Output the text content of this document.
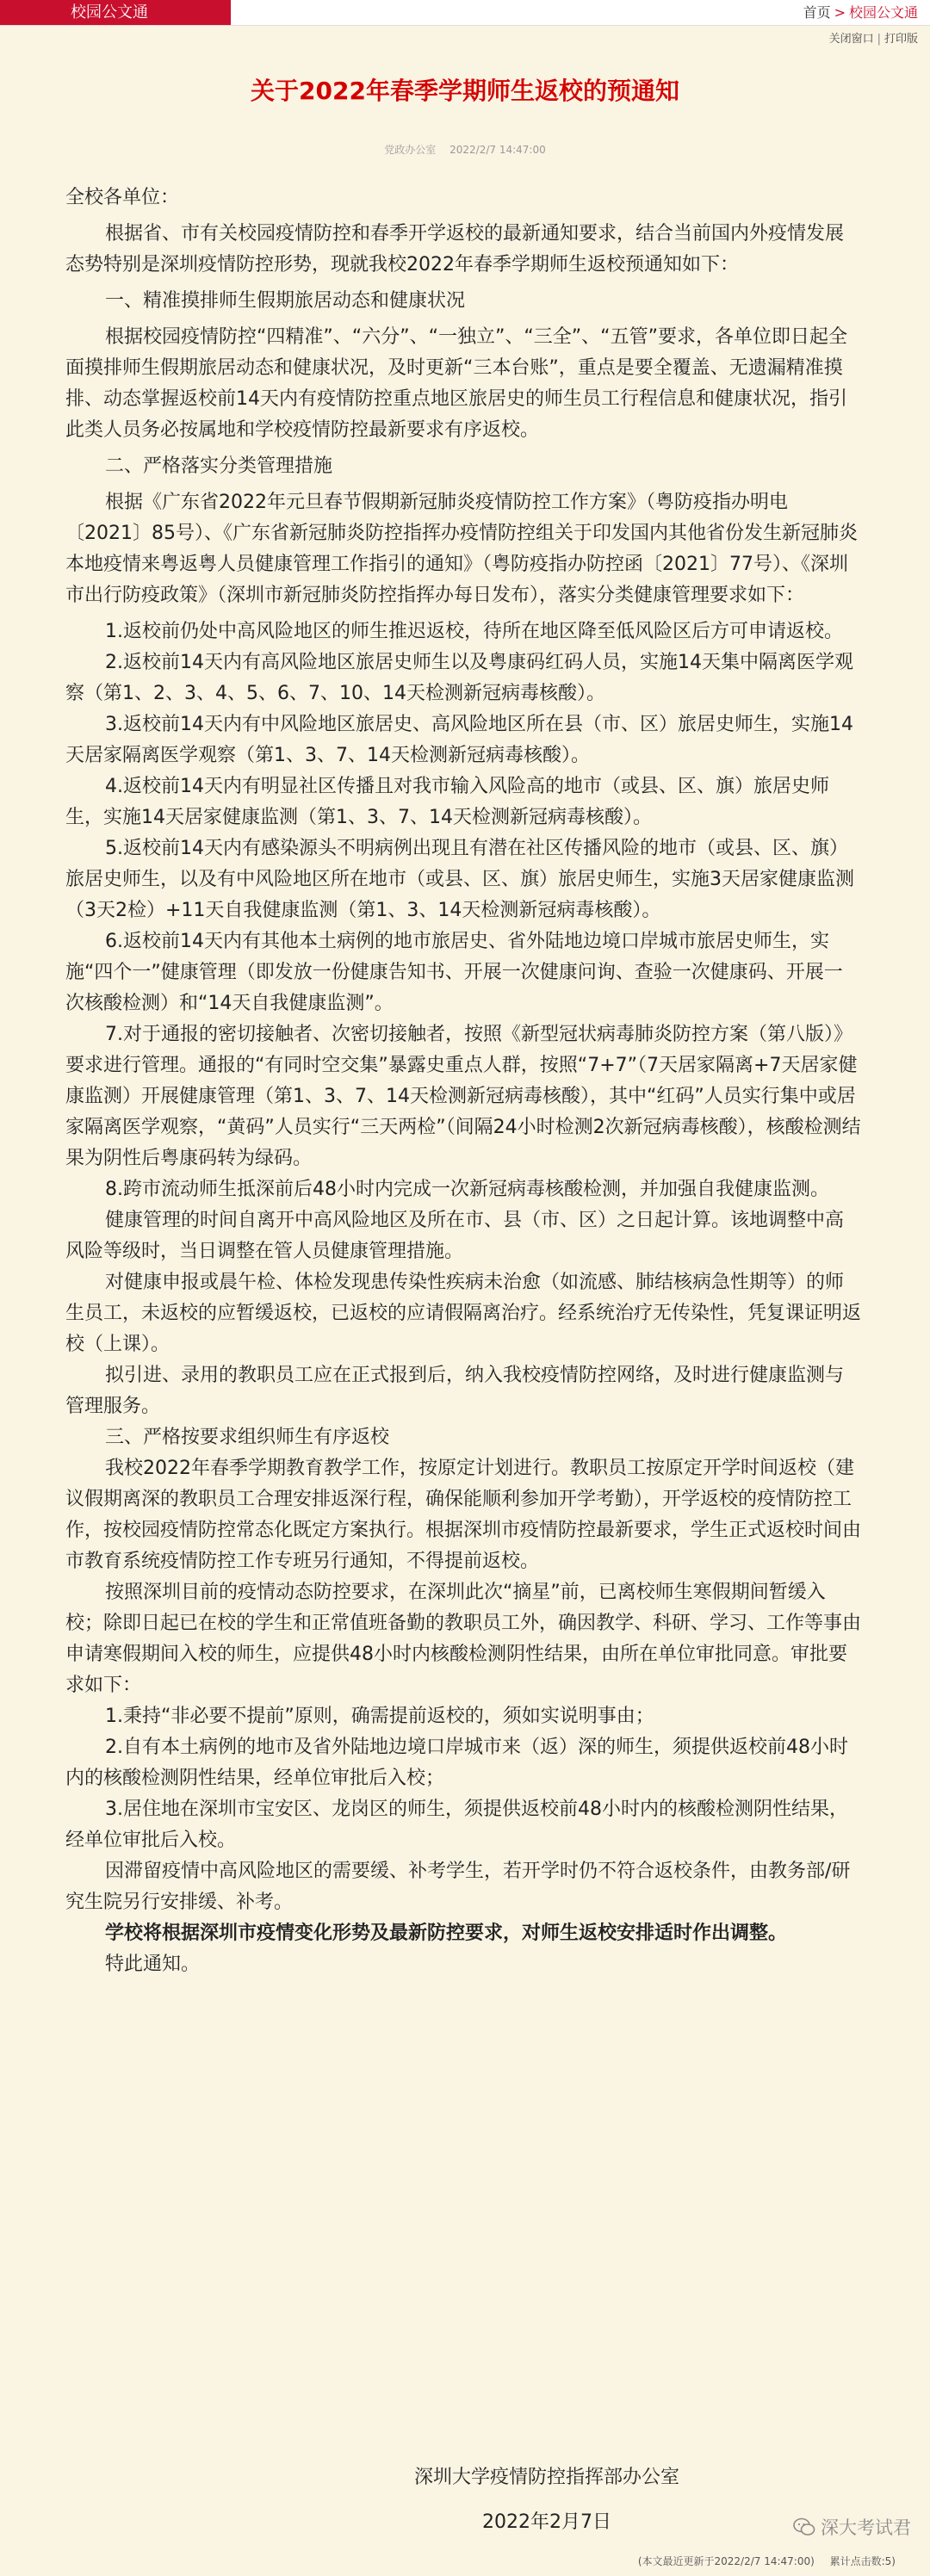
校园公文通	首页 > 校园公文通
关闭窗口 | 打印版
关于2022年春季学期师生返校的预通知
党政办公室 2022/2/7 14:47:00

全校各单位：

根据省、市有关校园疫情防控和春季开学返校的最新通知要求，结合当前国内外疫情发展态势特别是深圳疫情防控形势，现就我校2022年春季学期师生返校预通知如下：

一、精准摸排师生假期旅居动态和健康状况

根据校园疫情防控“四精准”、“六分”、“一独立”、“三全”、“五管”要求，各单位即日起全面摸排师生假期旅居动态和健康状况，及时更新“三本台账”，重点是要全覆盖、无遗漏精准摸排、动态掌握返校前14天内有疫情防控重点地区旅居史的师生员工行程信息和健康状况，指引此类人员务必按属地和学校疫情防控最新要求有序返校。

二、严格落实分类管理措施

根据《广东省2022年元旦春节假期新冠肺炎疫情防控工作方案》（粤防疫指办明电〔2021〕85号）、《广东省新冠肺炎防控指挥办疫情防控组关于印发国内其他省份发生新冠肺炎本地疫情来粤返粤人员健康管理工作指引的通知》（粤防疫指办防控函〔2021〕77号）、《深圳市出行防疫政策》（深圳市新冠肺炎防控指挥办每日发布），落实分类健康管理要求如下：

1.返校前仍处中高风险地区的师生推迟返校，待所在地区降至低风险区后方可申请返校。

2.返校前14天内有高风险地区旅居史师生以及粤康码红码人员，实施14天集中隔离医学观察（第1、2、3、4、5、6、7、10、14天检测新冠病毒核酸）。

3.返校前14天内有中风险地区旅居史、高风险地区所在县（市、区）旅居史师生，实施14天居家隔离医学观察（第1、3、7、14天检测新冠病毒核酸）。

4.返校前14天内有明显社区传播且对我市输入风险高的地市（或县、区、旗）旅居史师生，实施14天居家健康监测（第1、3、7、14天检测新冠病毒核酸）。

5.返校前14天内有感染源头不明病例出现且有潜在社区传播风险的地市（或县、区、旗）旅居史师生，以及有中风险地区所在地市（或县、区、旗）旅居史师生，实施3天居家健康监测（3天2检）+11天自我健康监测（第1、3、14天检测新冠病毒核酸）。

6.返校前14天内有其他本土病例的地市旅居史、省外陆地边境口岸城市旅居史师生，实施“四个一”健康管理（即发放一份健康告知书、开展一次健康问询、查验一次健康码、开展一次核酸检测）和“14天自我健康监测”。

7.对于通报的密切接触者、次密切接触者，按照《新型冠状病毒肺炎防控方案（第八版）》要求进行管理。通报的“有同时空交集”暴露史重点人群，按照“7+7”（7天居家隔离+7天居家健康监测）开展健康管理（第1、3、7、14天检测新冠病毒核酸），其中“红码”人员实行集中或居家隔离医学观察，“黄码”人员实行“三天两检”（间隔24小时检测2次新冠病毒核酸），核酸检测结果为阴性后粤康码转为绿码。

8.跨市流动师生抵深前后48小时内完成一次新冠病毒核酸检测，并加强自我健康监测。

健康管理的时间自离开中高风险地区及所在市、县（市、区）之日起计算。该地调整中高风险等级时，当日调整在管人员健康管理措施。

对健康申报或晨午检、体检发现患传染性疾病未治愈（如流感、肺结核病急性期等）的师生员工，未返校的应暂缓返校，已返校的应请假隔离治疗。经系统治疗无传染性，凭复课证明返校（上课）。

拟引进、录用的教职员工应在正式报到后，纳入我校疫情防控网络，及时进行健康监测与管理服务。

三、严格按要求组织师生有序返校

我校2022年春季学期教育教学工作，按原定计划进行。教职员工按原定开学时间返校（建议假期离深的教职员工合理安排返深行程，确保能顺利参加开学考勤），开学返校的疫情防控工作，按校园疫情防控常态化既定方案执行。根据深圳市疫情防控最新要求，学生正式返校时间由市教育系统疫情防控工作专班另行通知，不得提前返校。

按照深圳目前的疫情动态防控要求，在深圳此次“摘星”前，已离校师生寒假期间暂缓入校；除即日起已在校的学生和正常值班备勤的教职员工外，确因教学、科研、学习、工作等事由申请寒假期间入校的师生，应提供48小时内核酸检测阴性结果，由所在单位审批同意。审批要求如下：

1.秉持“非必要不提前”原则，确需提前返校的，须如实说明事由；

2.自有本土病例的地市及省外陆地边境口岸城市来（返）深的师生，须提供返校前48小时内的核酸检测阴性结果，经单位审批后入校；

3.居住地在深圳市宝安区、龙岗区的师生，须提供返校前48小时内的核酸检测阴性结果，经单位审批后入校。

因滞留疫情中高风险地区的需要缓、补考学生，若开学时仍不符合返校条件，由教务部/研究生院另行安排缓、补考。

学校将根据深圳市疫情变化形势及最新防控要求，对师生返校安排适时作出调整。

特此通知。

深圳大学疫情防控指挥部办公室
2022年2月7日	深大考试君
(本文最近更新于2022/2/7 14:47:00) 累计点击数:5)
